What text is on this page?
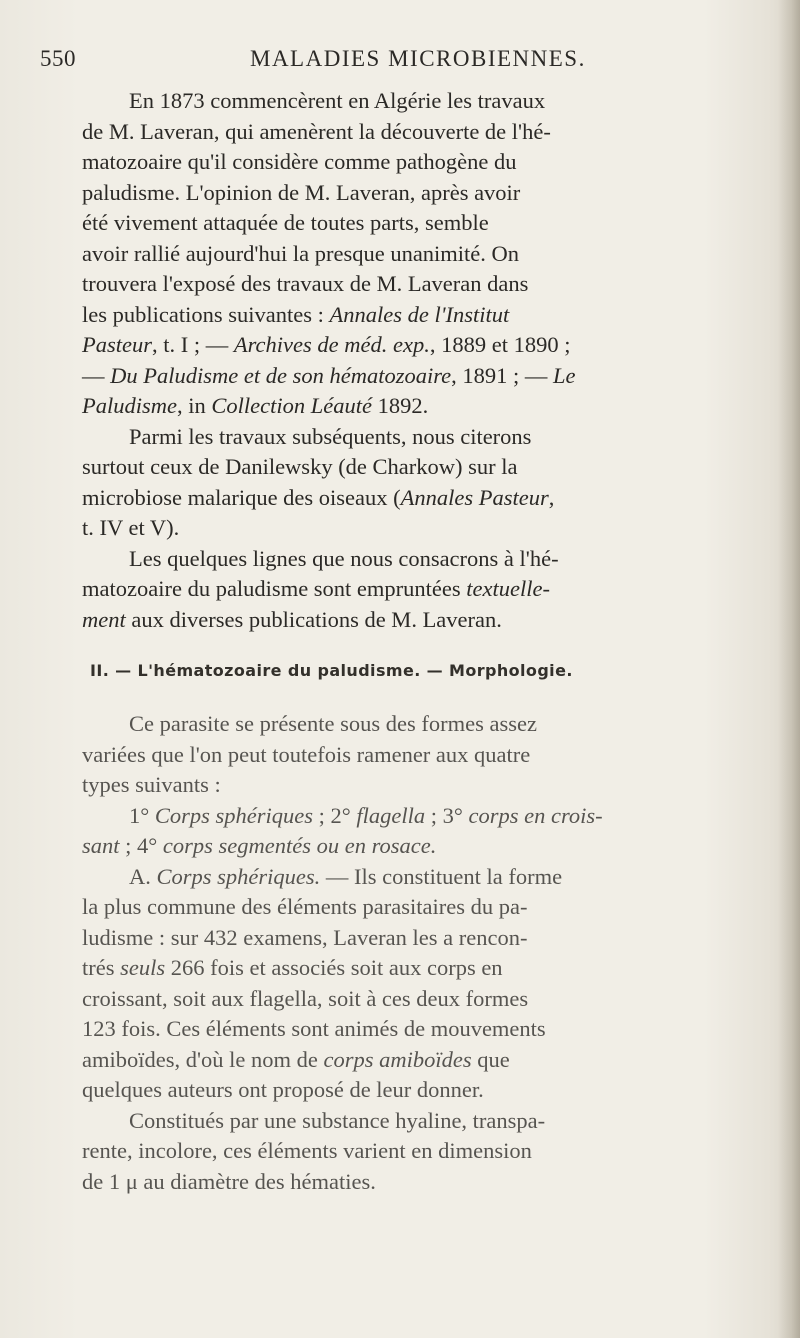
550	MALADIES MICROBIENNES.
En 1873 commencèrent en Algérie les travaux
de M. Laveran, qui amenèrent la découverte de l'hé-
matozoaire qu'il considère comme pathogène du
paludisme. L'opinion de M. Laveran, après avoir
été vivement attaquée de toutes parts, semble
avoir rallié aujourd'hui la presque unanimité. On
trouvera l'exposé des travaux de M. Laveran dans
les publications suivantes : Annales de l'Institut
Pasteur, t. I ; — Archives de méd. exp., 1889 et 1890 ;
— Du Paludisme et de son hématozoaire, 1891 ; — Le
Paludisme, in Collection Léauté 1892.
Parmi les travaux subséquents, nous citerons
surtout ceux de Danilewsky (de Charkow) sur la
microbiose malarique des oiseaux (Annales Pasteur,
t. IV et V).
Les quelques lignes que nous consacrons à l'hé-
matozoaire du paludisme sont empruntées textuelle-
ment aux diverses publications de M. Laveran.
II. — L'hématozoaire du paludisme. — Morphologie.
Ce parasite se présente sous des formes assez
variées que l'on peut toutefois ramener aux quatre
types suivants :
1° Corps sphériques ; 2° flagella ; 3° corps en crois-
sant ; 4° corps segmentés ou en rosace.
A. Corps sphériques. — Ils constituent la forme
la plus commune des éléments parasitaires du pa-
ludisme : sur 432 examens, Laveran les a rencon-
trés seuls 266 fois et associés soit aux corps en
croissant, soit aux flagella, soit à ces deux formes
123 fois. Ces éléments sont animés de mouvements
amiboïdes, d'où le nom de corps amiboïdes que
quelques auteurs ont proposé de leur donner.
Constitués par une substance hyaline, transpa-
rente, incolore, ces éléments varient en dimension
de 1 μ au diamètre des hématies.
